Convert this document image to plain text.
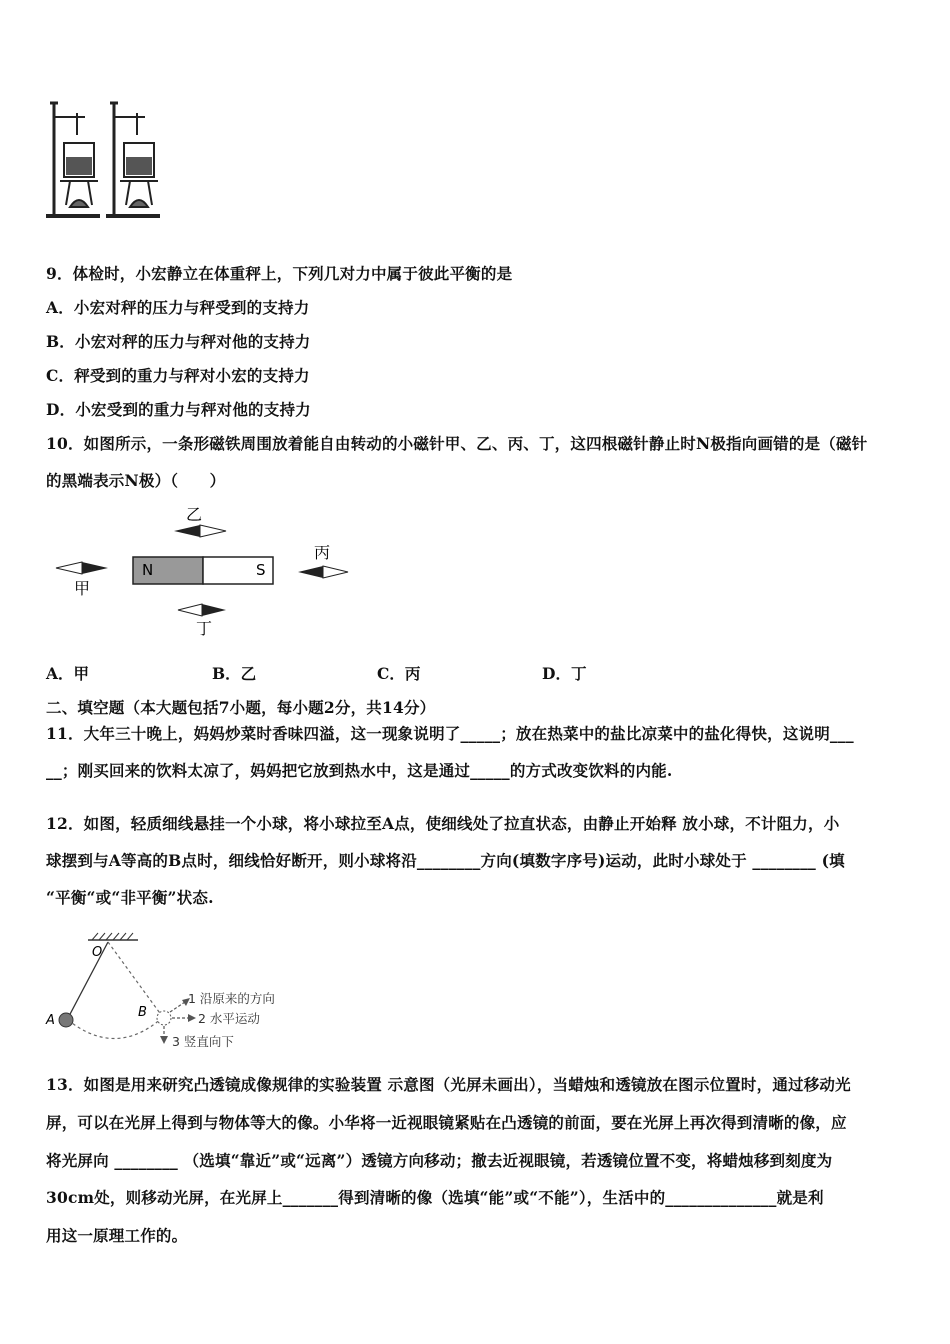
9．体检时，小宏静立在体重秤上，下列几对力中属于彼此平衡的是
A．小宏对秤的压力与秤受到的支持力
B．小宏对秤的压力与秤对他的支持力
C．秤受到的重力与秤对小宏的支持力
D．小宏受到的重力与秤对他的支持力
10．如图所示，一条形磁铁周围放着能自由转动的小磁针甲、乙、丙、丁，这四根磁针静止时N极指向画错的是（磁针
的黑端表示N极）（　　）
N	S
乙
甲
丙
丁
A．甲	B．乙	C．丙	D．丁
二、填空题（本大题包括7小题，每小题2分，共14分）
11．大年三十晚上，妈妈炒菜时香味四溢，这一现象说明了_____；放在热菜中的盐比凉菜中的盐化得快，这说明___
__；刚买回来的饮料太凉了，妈妈把它放到热水中，这是通过_____的方式改变饮料的内能.
12．如图，轻质细线悬挂一个小球，将小球拉至A点，使细线处了拉直状态，由静止开始释 放小球，不计阻力，小
球摆到与A等高的B点时，细线恰好断开，则小球将沿________方向(填数字序号)运动，此时小球处于 ________ (填
“平衡“或“非平衡”状态.
O
A
B
1 沿原来的方向
2 水平运动
3 竖直向下
13．如图是用来研究凸透镜成像规律的实验装置 示意图（光屏未画出），当蜡烛和透镜放在图示位置时，通过移动光
屏，可以在光屏上得到与物体等大的像。小华将一近视眼镜紧贴在凸透镜的前面，要在光屏上再次得到清晰的像，应
将光屏向 ________ （选填“靠近”或“远离”）透镜方向移动；撤去近视眼镜，若透镜位置不变，将蜡烛移到刻度为
30cm处，则移动光屏，在光屏上_______得到清晰的像（选填“能”或“不能”），生活中的______________就是利
用这一原理工作的。
